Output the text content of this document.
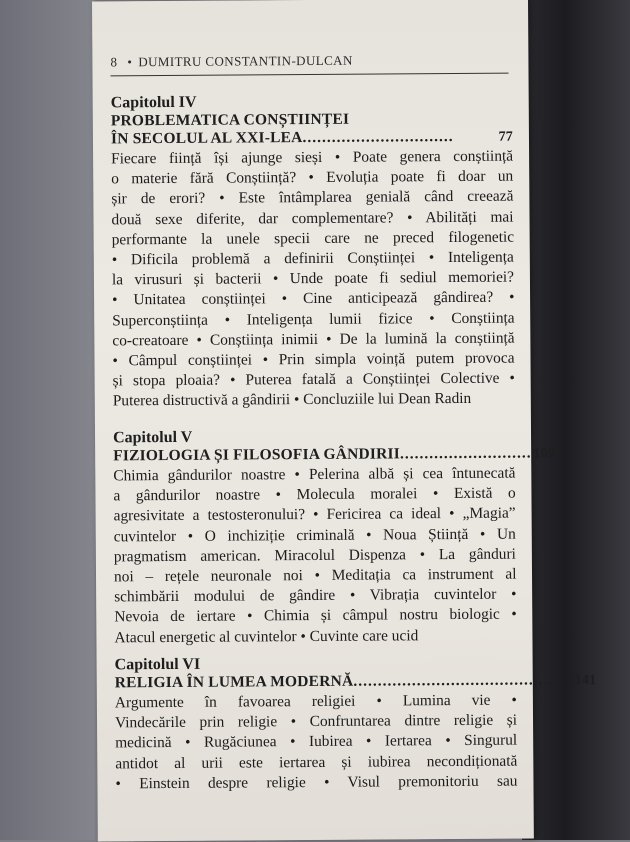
8 • DUMITRU CONSTANTIN-DULCAN
Capitolul IV
PROBLEMATICA CONȘTIINȚEI
ÎN SECOLUL AL XXI-LEA ...............................	77
Fiecare ființă își ajunge sieși • Poate genera conștiință
o materie fără Conștiință? • Evoluția poate fi doar un
șir de erori? • Este întâmplarea genială când creează
două sexe diferite, dar complementare? • Abilități mai
performante la unele specii care ne preced filogenetic
• Dificila problemă a definirii Conștiinței • Inteligența
la virusuri și bacterii • Unde poate fi sediul memoriei?
• Unitatea conștiinței • Cine anticipează gândirea? •
Superconștiința • Inteligența lumii fizice • Conștiința
co-creatoare • Conștiința inimii • De la lumină la conștiință
• Câmpul conștiinței • Prin simpla voință putem provoca
și stopa ploaia? • Puterea fatală a Conștiinței Colective •
Puterea distructivă a gândirii • Concluziile lui Dean Radin
Capitolul V
FIZIOLOGIA ȘI FILOSOFIA GÂNDIRII ........................... 109
Chimia gândurilor noastre • Pelerina albă și cea întunecată
a gândurilor noastre • Molecula moralei • Există o
agresivitate a testosteronului? • Fericirea ca ideal • „Magia”
cuvintelor • O inchiziție criminală • Noua Știință • Un
pragmatism american. Miracolul Dispenza • La gânduri
noi – rețele neuronale noi • Meditația ca instrument al
schimbării modului de gândire • Vibrația cuvintelor •
Nevoia de iertare • Chimia și câmpul nostru biologic •
Atacul energetic al cuvintelor • Cuvinte care ucid
Capitolul VI
RELIGIA ÎN LUMEA MODERNĂ ............................................. 141
Argumente în favoarea religiei • Lumina vie •
Vindecările prin religie • Confruntarea dintre religie și
medicină • Rugăciunea • Iubirea • Iertarea • Singurul
antidot al urii este iertarea și iubirea necondiționată
• Einstein despre religie • Visul premonitoriu sau
